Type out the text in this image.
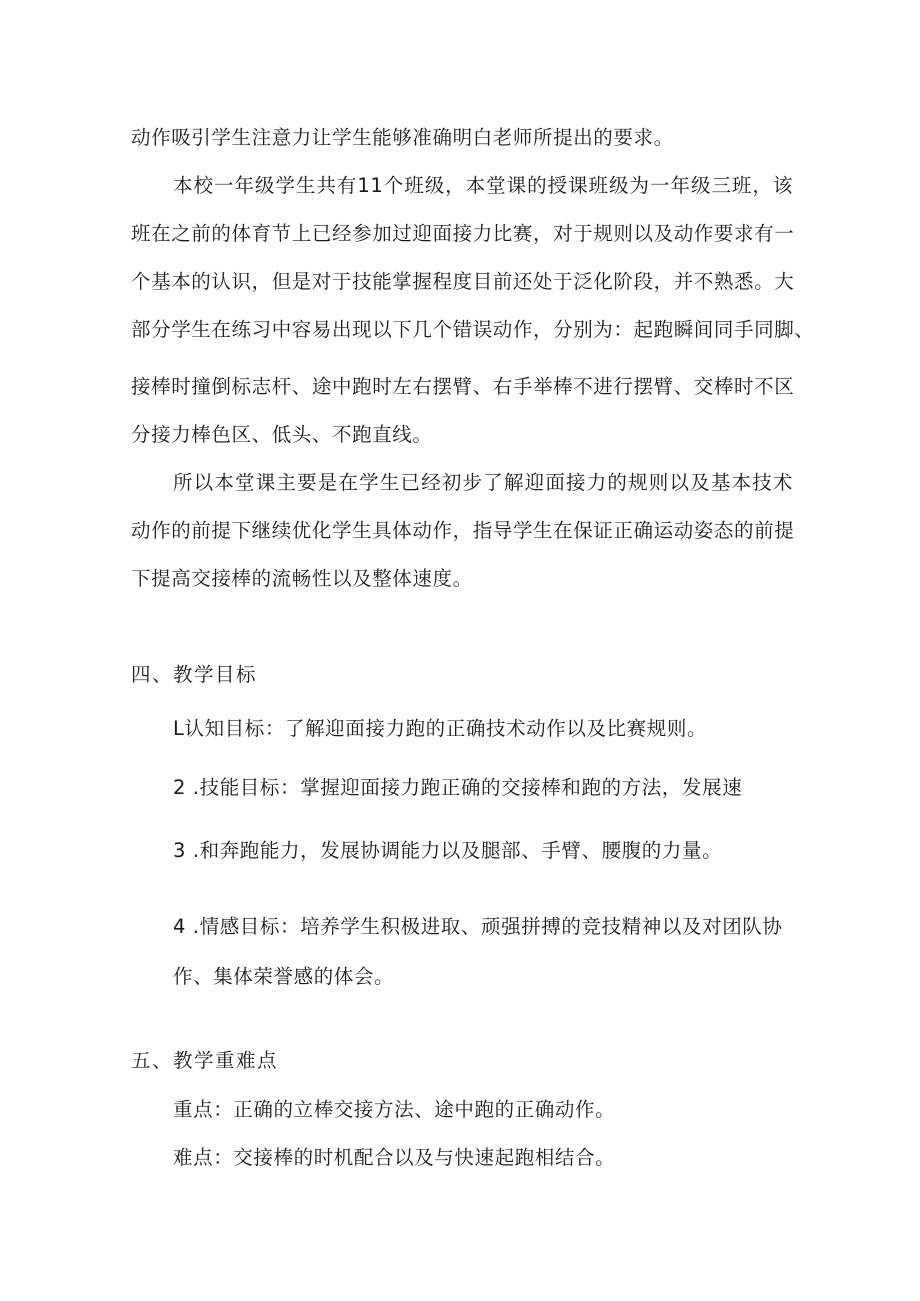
动作吸引学生注意力让学生能够准确明白老师所提出的要求。
本校一年级学生共有11个班级，本堂课的授课班级为一年级三班，该
班在之前的体育节上已经参加过迎面接力比赛，对于规则以及动作要求有一
个基本的认识，但是对于技能掌握程度目前还处于泛化阶段，并不熟悉。大
部分学生在练习中容易出现以下几个错误动作，分别为：起跑瞬间同手同脚、
接棒时撞倒标志杆、途中跑时左右摆臂、右手举棒不进行摆臂、交棒时不区
分接力棒色区、低头、不跑直线。
所以本堂课主要是在学生已经初步了解迎面接力的规则以及基本技术
动作的前提下继续优化学生具体动作，指导学生在保证正确运动姿态的前提
下提高交接棒的流畅性以及整体速度。
四、教学目标
L认知目标：了解迎面接力跑的正确技术动作以及比赛规则。
2 .技能目标：掌握迎面接力跑正确的交接棒和跑的方法，发展速
3 .和奔跑能力，发展协调能力以及腿部、手臂、腰腹的力量。
4 .情感目标：培养学生积极进取、顽强拼搏的竞技精神以及对团队协
作、集体荣誉感的体会。
五、教学重难点
重点：正确的立棒交接方法、途中跑的正确动作。
难点：交接棒的时机配合以及与快速起跑相结合。
